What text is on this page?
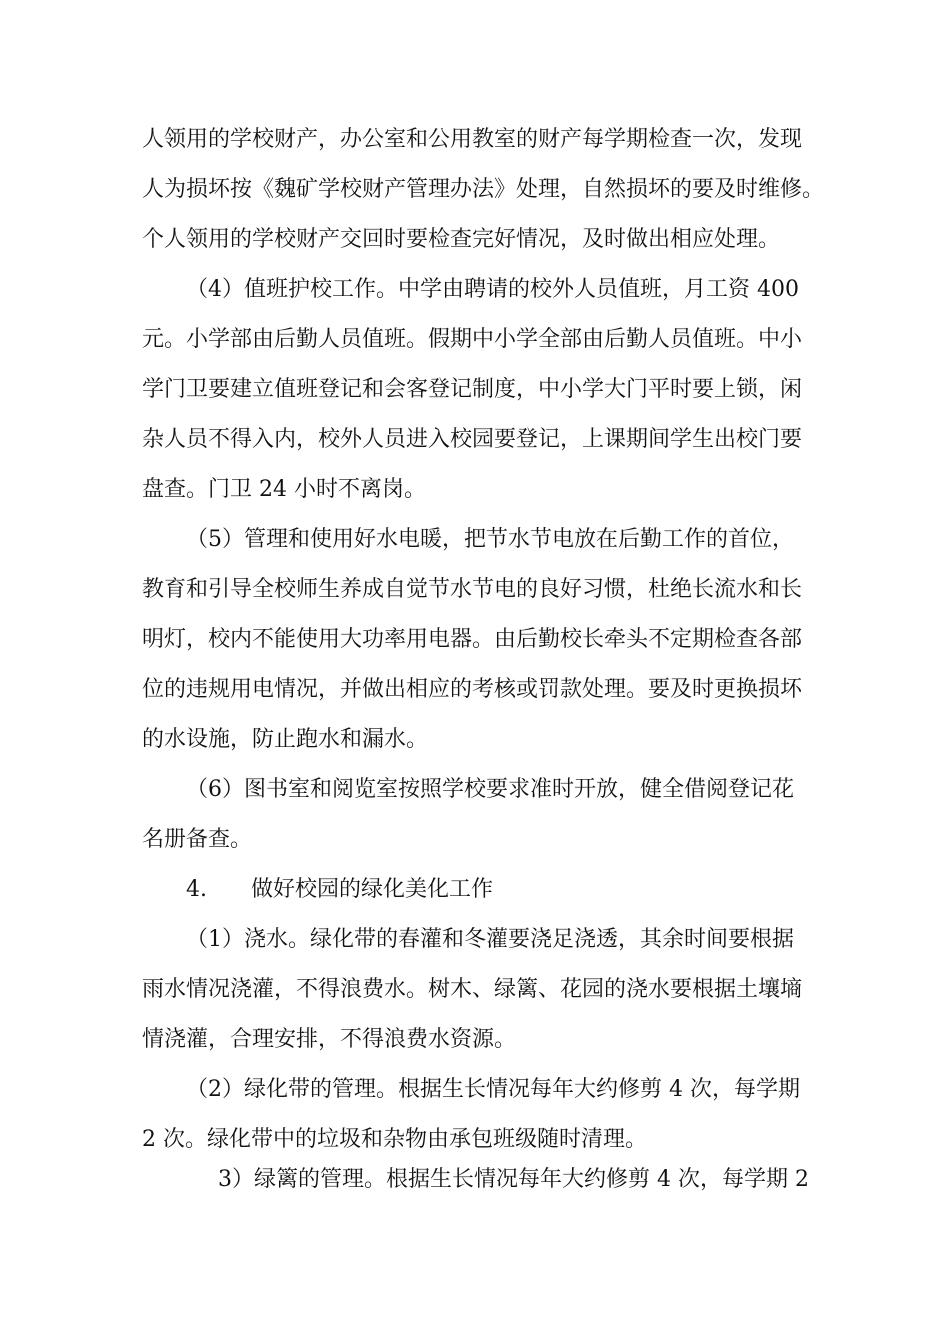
人领用的学校财产，办公室和公用教室的财产每学期检查一次，发现
人为损坏按《魏矿学校财产管理办法》处理，自然损坏的要及时维修。
个人领用的学校财产交回时要检查完好情况，及时做出相应处理。
（4）值班护校工作。中学由聘请的校外人员值班，月工资 400
元。小学部由后勤人员值班。假期中小学全部由后勤人员值班。中小
学门卫要建立值班登记和会客登记制度，中小学大门平时要上锁，闲
杂人员不得入内，校外人员进入校园要登记，上课期间学生出校门要
盘查。门卫 24 小时不离岗。
（5）管理和使用好水电暖，把节水节电放在后勤工作的首位，
教育和引导全校师生养成自觉节水节电的良好习惯，杜绝长流水和长
明灯，校内不能使用大功率用电器。由后勤校长牵头不定期检查各部
位的违规用电情况，并做出相应的考核或罚款处理。要及时更换损坏
的水设施，防止跑水和漏水。
（6）图书室和阅览室按照学校要求准时开放，健全借阅登记花
名册备查。
4.　　做好校园的绿化美化工作
（1）浇水。绿化带的春灌和冬灌要浇足浇透，其余时间要根据
雨水情况浇灌，不得浪费水。树木、绿篱、花园的浇水要根据土壤墒
情浇灌，合理安排，不得浪费水资源。
（2）绿化带的管理。根据生长情况每年大约修剪 4 次，每学期
2 次。绿化带中的垃圾和杂物由承包班级随时清理。
3）绿篱的管理。根据生长情况每年大约修剪 4 次，每学期 2
